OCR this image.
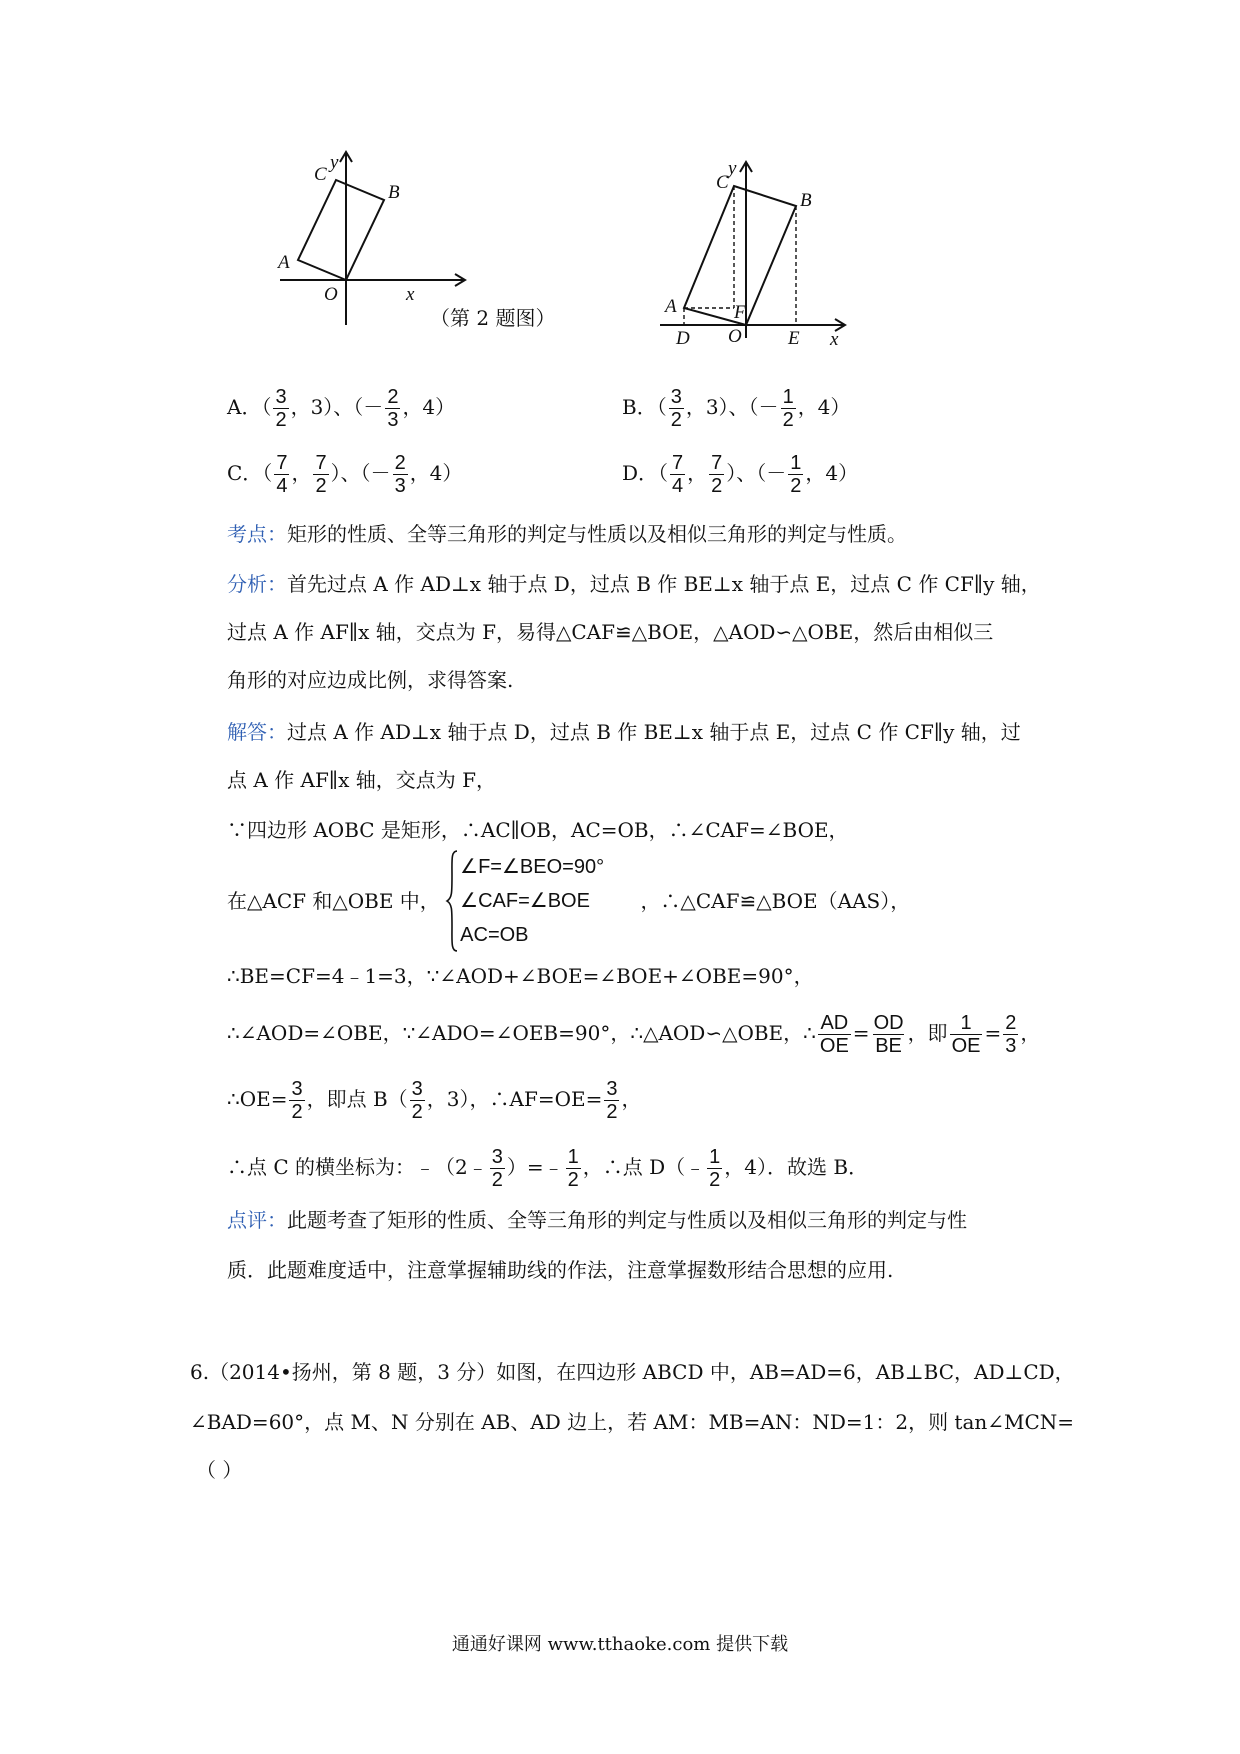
C
B
A
O	x
y
C
B
A	F
O
D	E x
y
（第 2 题图）
A．（ $\frac{3}{2}$ ，3）、（－ $\frac{2}{3}$ ，4）	B．（ $\frac{3}{2}$ ，3）、（－ $\frac{1}{2}$ ，4）
C．（ $\frac{7}{4}$ ， $\frac{7}{2}$ ）、（－ $\frac{2}{3}$ ，4）	D．（ $\frac{7}{4}$ ， $\frac{7}{2}$ ）、（－ $\frac{1}{2}$ ，4）
考点：矩形的性质、全等三角形的判定与性质以及相似三角形的判定与性质。
分析：首先过点 A 作 AD⊥x 轴于点 D，过点 B 作 BE⊥x 轴于点 E，过点 C 作 CF∥y 轴，
过点 A 作 AF∥x 轴，交点为 F，易得△CAF≌△BOE，△AOD∽△OBE，然后由相似三
角形的对应边成比例，求得答案.
解答：过点 A 作 AD⊥x 轴于点 D，过点 B 作 BE⊥x 轴于点 E，过点 C 作 CF∥y 轴，过
点 A 作 AF∥x 轴，交点为 F，
∵四边形 AOBC 是矩形，∴AC∥OB，AC=OB，∴∠CAF=∠BOE，
在△ACF 和△OBE 中，
∠F=∠BEO=90°
∠CAF=∠BOE
AC=OB ，∴△CAF≌△BOE（AAS），
∴BE=CF=4﹣1=3，∵∠AOD+∠BOE=∠BOE+∠OBE=90°，
∴∠AOD=∠OBE，∵∠ADO=∠OEB=90°，∴△AOD∽△OBE，∴ $\frac{AD}{OE} = \frac{OD}{BE}$ ，即 $\frac{1}{OE} = \frac{2}{3}$ ，
∴OE= $\frac{3}{2}$ ，即点 $B( \frac{3}{2}$ ，3），∴AF=OE= $\frac{3}{2}$ ，
∴点 C 的横坐标为：﹣（2﹣ $\frac{3}{2}$ ）=﹣ $\frac{1}{2}$ ，∴点 D（﹣ $\frac{1}{2}$ ，4）．故选 B．
点评：此题考查了矩形的性质、全等三角形的判定与性质以及相似三角形的判定与性
质．此题难度适中，注意掌握辅助线的作法，注意掌握数形结合思想的应用.
6.（2014•扬州，第 8 题，3 分）如图，在四边形 ABCD 中，AB=AD=6，AB⊥BC，AD⊥CD，
∠BAD=60°，点 M、N 分别在 AB、AD 边上，若 AM：MB=AN：ND=1：2，则 tan∠MCN=
（ ）
通通好课网 www.tthaoke.com 提供下载
